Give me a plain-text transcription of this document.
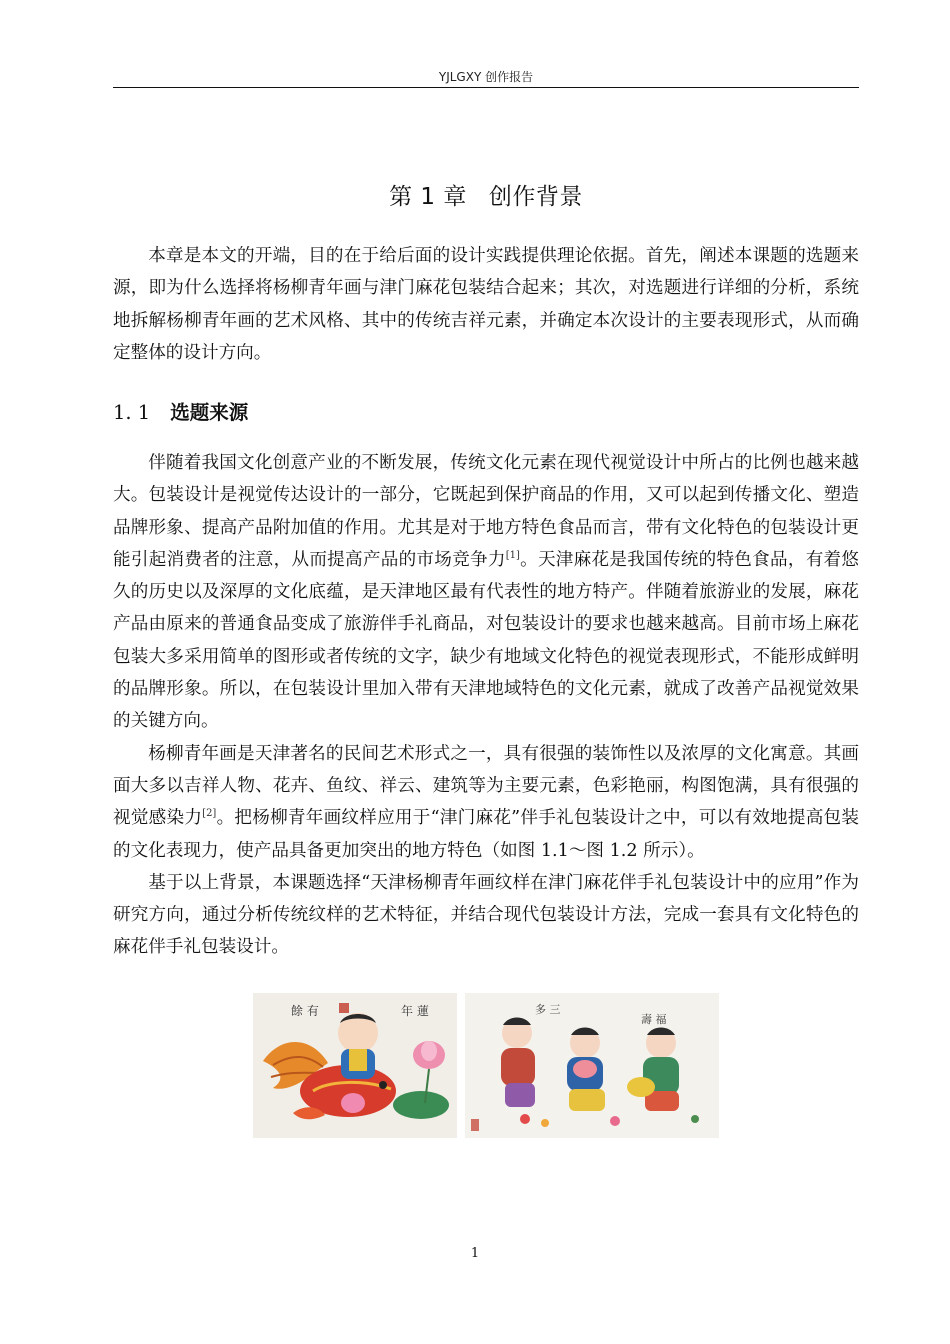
YJLGXY 创作报告
第 1 章 创作背景

本章是本文的开端，目的在于给后面的设计实践提供理论依据。首先，阐述本课题的选题来源，即为什么选择将杨柳青年画与津门麻花包装结合起来；其次，对选题进行详细的分析，系统地拆解杨柳青年画的艺术风格、其中的传统吉祥元素，并确定本次设计的主要表现形式，从而确定整体的设计方向。

1. 1 选题来源

伴随着我国文化创意产业的不断发展，传统文化元素在现代视觉设计中所占的比例也越来越大。包装设计是视觉传达设计的一部分，它既起到保护商品的作用，又可以起到传播文化、塑造品牌形象、提高产品附加值的作用。尤其是对于地方特色食品而言，带有文化特色的包装设计更能引起消费者的注意，从而提高产品的市场竞争力[1]。天津麻花是我国传统的特色食品，有着悠久的历史以及深厚的文化底蕴，是天津地区最有代表性的地方特产。伴随着旅游业的发展，麻花产品由原来的普通食品变成了旅游伴手礼商品，对包装设计的要求也越来越高。目前市场上麻花包装大多采用简单的图形或者传统的文字，缺少有地域文化特色的视觉表现形式，不能形成鲜明的品牌形象。所以，在包装设计里加入带有天津地域特色的文化元素，就成了改善产品视觉效果的关键方向。

杨柳青年画是天津著名的民间艺术形式之一，具有很强的装饰性以及浓厚的文化寓意。其画面大多以吉祥人物、花卉、鱼纹、祥云、建筑等为主要元素，色彩艳丽，构图饱满，具有很强的视觉感染力[2]。把杨柳青年画纹样应用于“津门麻花”伴手礼包装设计之中，可以有效地提高包装的文化表现力，使产品具备更加突出的地方特色（如图 1.1～图 1.2 所示）。

基于以上背景，本课题选择“天津杨柳青年画纹样在津门麻花伴手礼包装设计中的应用”作为研究方向，通过分析传统纹样的艺术特征，并结合现代包装设计方法，完成一套具有文化特色的麻花伴手礼包装设计。

餘 有	年 蓮	多 三
壽 福
1
